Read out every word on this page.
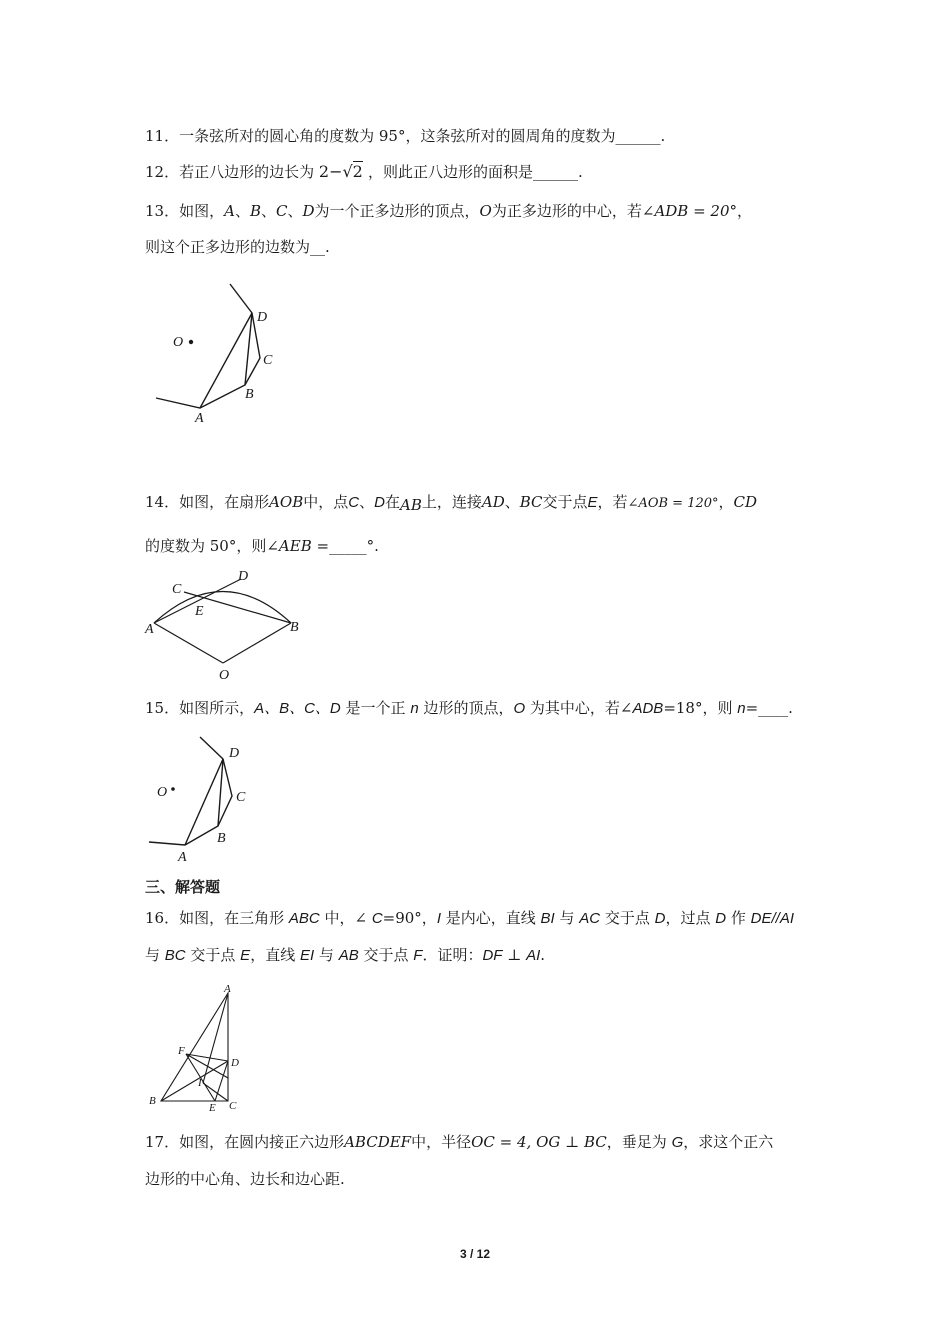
11．一条弦所对的圆心角的度数为 95°，这条弦所对的圆周角的度数为______.
12．若正八边形的边长为 2−√2 ，则此正八边形的面积是______.
13．如图，A、B、C、D为一个正多边形的顶点，O为正多边形的中心，若∠ADB = 20°，
则这个正多边形的边数为__.
O
D
C
B
A
14．如图，在扇形AOB中，点C、D在AB上，连接AD、BC交于点E，若∠AOB = 120°，CD
的度数为 50°，则∠AEB =_____°.
C
D
E
A	B
O
15．如图所示，A、B、C、D 是一个正 n 边形的顶点，O 为其中心，若∠ADB=18°，则 n=____.
O
D
C
B
A
三、解答题
16．如图，在三角形 ABC 中，∠ C=90°，I 是内心，直线 BI 与 AC 交于点 D，过点 D 作 DE//AI
与 BC 交于点 E，直线 EI 与 AB 交于点 F．证明：DF ⊥ AI.
A
F
D
I
B
E C
17．如图，在圆内接正六边形ABCDEF中，半径OC = 4, OG ⊥ BC，垂足为 G，求这个正六
边形的中心角、边长和边心距.
3 / 12
